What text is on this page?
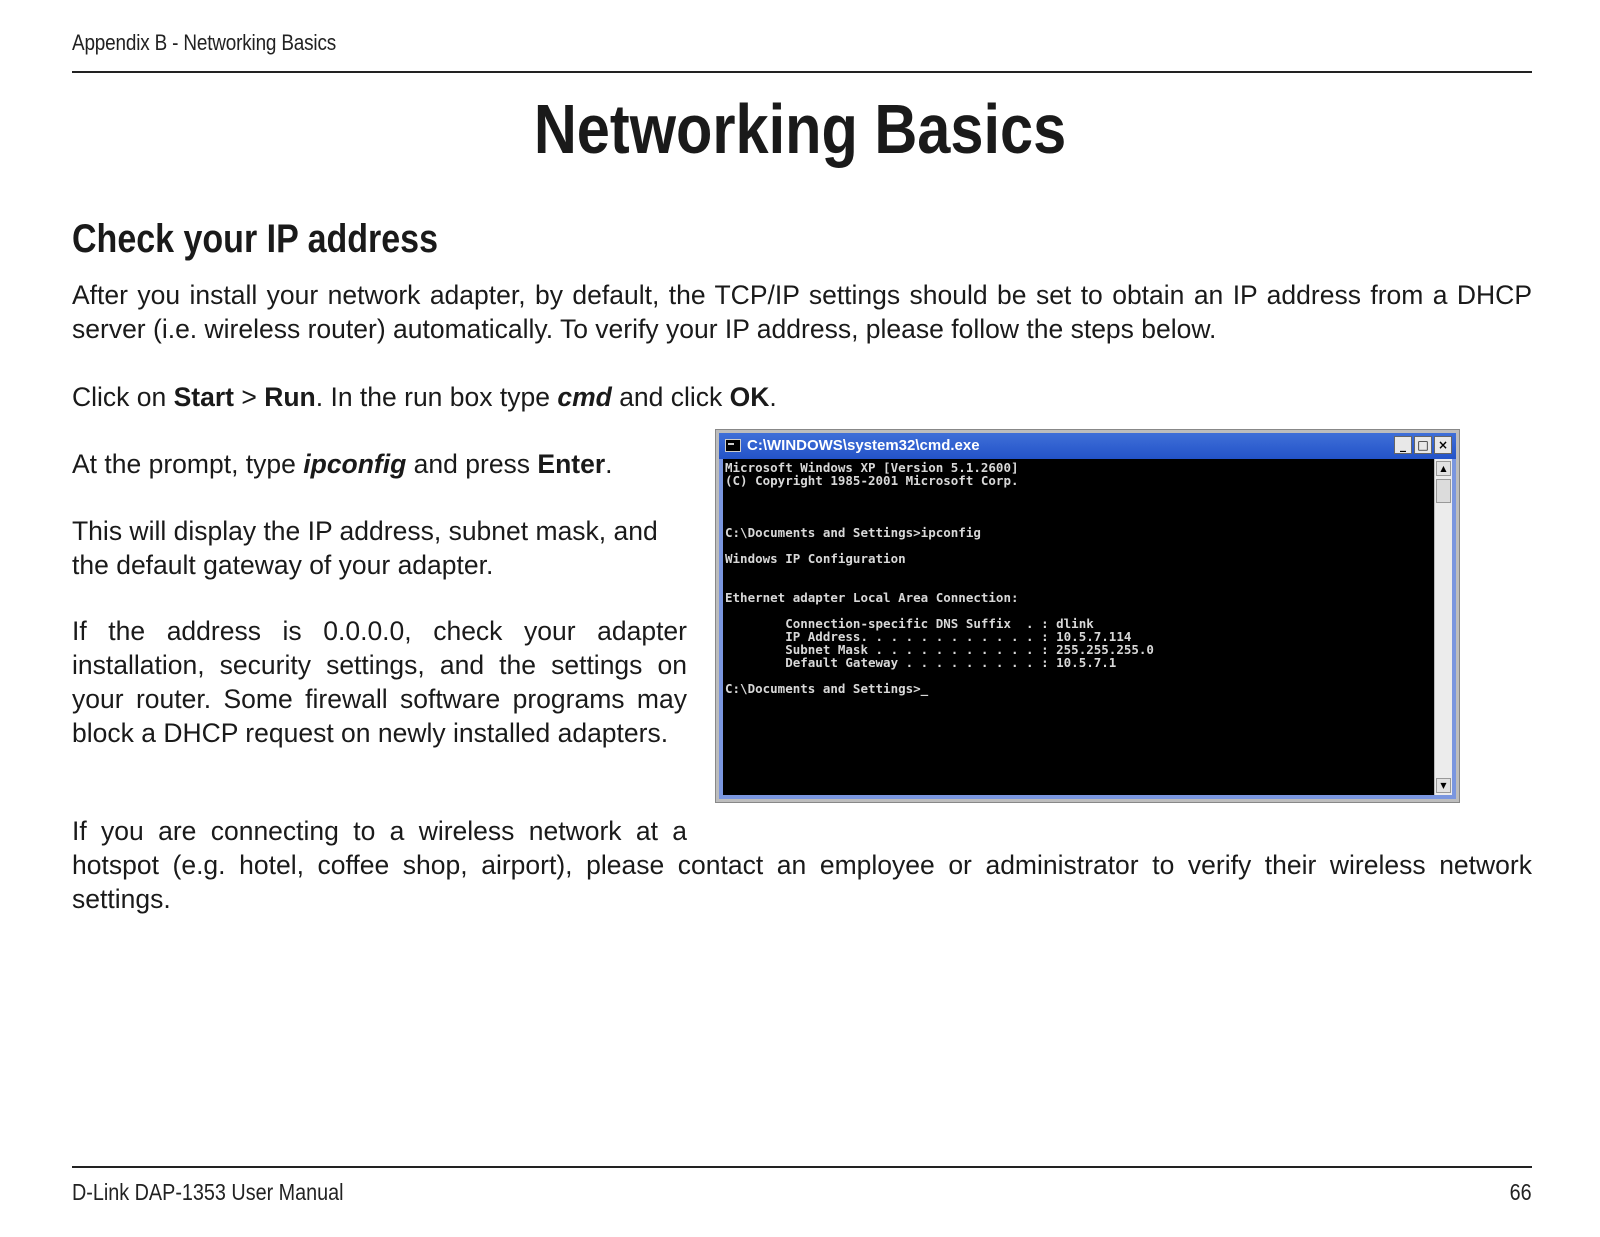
Appendix B - Networking Basics
Networking Basics
Check your IP address

After you install your network adapter, by default, the TCP/IP settings should be set to obtain an IP address from a DHCP server (i.e. wireless router) automatically. To verify your IP address, please follow the steps below.

Click on Start > Run. In the run box type cmd and click OK.

At the prompt, type ipconfig and press Enter.

This will display the IP address, subnet mask, and the default gateway of your adapter.

If the address is 0.0.0.0, check your adapter installation, security settings, and the settings on your router. Some firewall software programs may block a DHCP request on newly installed adapters.

If you are connecting to a wireless network at a
hotspot (e.g. hotel, coffee shop, airport), please contact an employee or administrator to verify their wireless network settings.
C:\WINDOWS\system32\cmd.exe	_ □ ×
Microsoft Windows XP [Version 5.1.2600]
(C) Copyright 1985-2001 Microsoft Corp.
C:\Documents and Settings>ipconfig
Windows IP Configuration
Ethernet adapter Local Area Connection:
Connection-specific DNS Suffix  . : dlink
IP Address. . . . . . . . . . . . : 10.5.7.114
Subnet Mask . . . . . . . . . . . : 255.255.255.0
Default Gateway . . . . . . . . . : 10.5.7.1
C:\Documents and Settings>_
▲
▼
D-Link DAP-1353 User Manual	66
